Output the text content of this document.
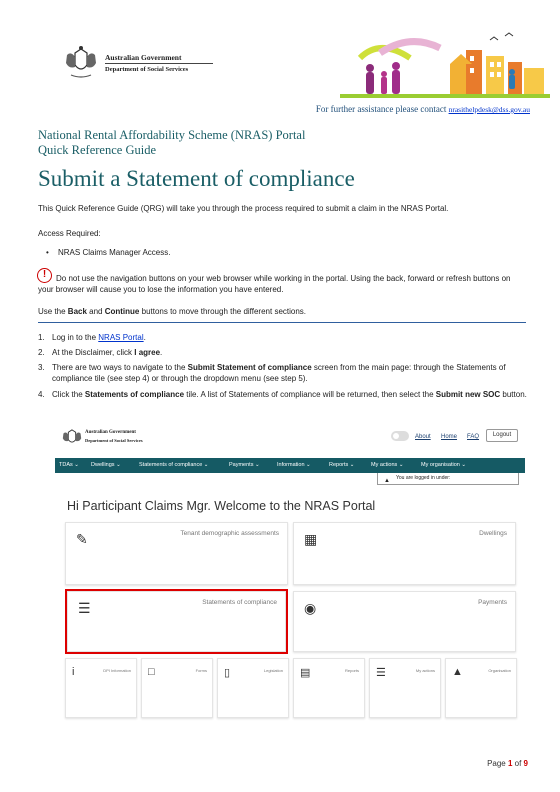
Australian Government
Department of Social Services
For further assistance please contact nrasithelpdesk@dss.gov.au
National Rental Affordability Scheme (NRAS) Portal
Quick Reference Guide
Submit a Statement of compliance
This Quick Reference Guide (QRG) will take you through the process required to submit a claim in the NRAS Portal.
Access Required:
• NRAS Claims Manager Access.
!	Do not use the navigation buttons on your web browser while working in the portal. Using the back, forward or refresh buttons on your browser will cause you to lose the information you have entered.
Use the Back and Continue buttons to move through the different sections.
1. Log in to the NRAS Portal.
2. At the Disclaimer, click I agree.
3. There are two ways to navigate to the Submit Statement of compliance screen from the main page: through the Statements of compliance tile (see step 4) or through the dropdown menu (see step 5).
4. Click the Statements of compliance tile. A list of Statements of compliance will be returned, then select the Submit new SOC button.
Australian Government
Department of Social Services
About Home FAQ	Logout
TDAs ⌄ Dwellings ⌄	Statements of compliance ⌄	Payments ⌄	Information ⌄	Reports ⌄	My actions ⌄	My organisation ⌄
▲ You are logged in under:
Hi Participant Claims Mgr. Welcome to the NRAS Portal
✎	Tenant demographic assessments ▦	Dwellings
☰	Statements of compliance ◉	Payments
i	DPI Information □	Forms ▯	Legislation ▤	Reports ☰	My actions ▲	Organisation
Page 1 of 9
